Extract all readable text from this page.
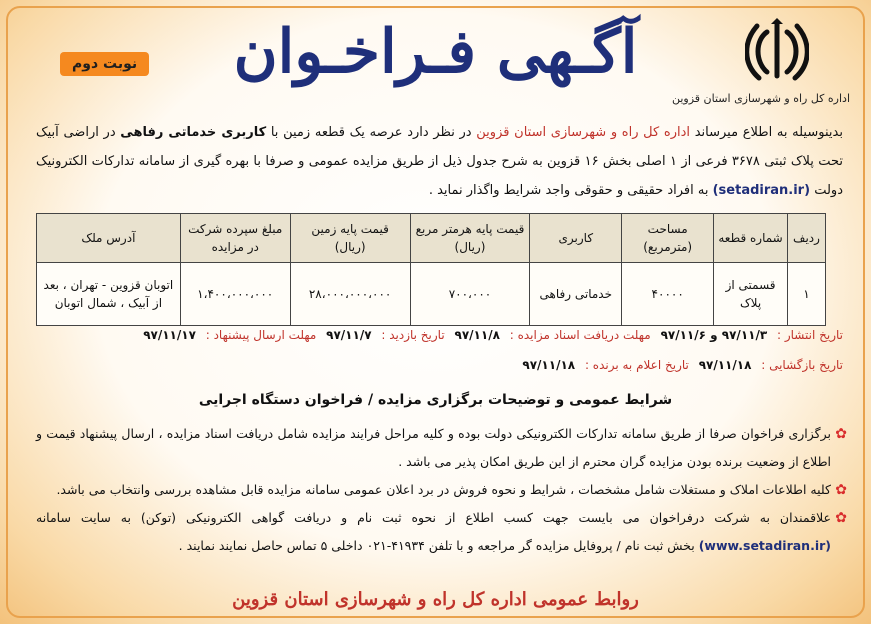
اداره کل راه و شهرسازی استان قزوین
آگـهی فـراخـوان
نوبت دوم
بدینوسیله به اطلاع میرساند اداره کل راه و شهرسازی استان قزوین در نظر دارد عرصه یک قطعه زمین با کاربری خدماتی رفاهی در اراضی آبیک تحت پلاک ثبتی ۳۶۷۸ فرعی از ۱ اصلی بخش ۱۶ قزوین به شرح جدول ذیل از طریق مزایده عمومی و صرفا با بهره گیری از سامانه تدارکات الکترونیک دولت (setadiran.ir) به افراد حقیقی و حقوقی واجد شرایط واگذار نماید .
ردیف	شماره قطعه	مساحت (مترمربع)	کاربری	قیمت پایه هرمتر مربع (ریال)	قیمت پایه زمین (ریال)	مبلغ سپرده شرکت در مزایده	آدرس ملک
۱	قسمتی از پلاک	۴۰۰۰۰	خدماتی رفاهی	۷۰۰،۰۰۰	۲۸،۰۰۰،۰۰۰،۰۰۰	۱،۴۰۰،۰۰۰،۰۰۰	اتوبان قزوین - تهران ، بعد از آبیک ، شمال اتوبان
تاریخ انتشار : ۹۷/۱۱/۳ و ۹۷/۱۱/۶ مهلت دریافت اسناد مزایده : ۹۷/۱۱/۸ تاریخ بازدید : ۹۷/۱۱/۷ مهلت ارسال پیشنهاد : ۹۷/۱۱/۱۷
تاریخ بازگشایی : ۹۷/۱۱/۱۸ تاریخ اعلام به برنده : ۹۷/۱۱/۱۸
شرایط عمومی و توضیحات برگزاری مزایده / فراخوان دستگاه اجرایی
✿
برگزاری فراخوان صرفا از طریق سامانه تدارکات الکترونیکی دولت بوده و کلیه مراحل فرایند مزایده شامل دریافت اسناد مزایده ، ارسال پیشنهاد قیمت و اطلاع از وضعیت برنده بودن مزایده گران محترم از این طریق امکان پذیر می باشد .
✿
کلیه اطلاعات املاک و مستغلات شامل مشخصات ، شرایط و نحوه فروش در برد اعلان عمومی سامانه مزایده قابل مشاهده بررسی وانتخاب می باشد.
✿
علاقمندان به شرکت درفراخوان می بایست جهت کسب اطلاع از نحوه ثبت نام و دریافت گواهی الکترونیکی (توکن) به سایت سامانه (www.setadiran.ir) بخش ثبت نام / پروفایل مزایده گر مراجعه و با تلفن ۴۱۹۳۴-۰۲۱ داخلی ۵ تماس حاصل نمایند نمایند .
روابط عمومی اداره کل راه و شهرسازی استان قزوین
